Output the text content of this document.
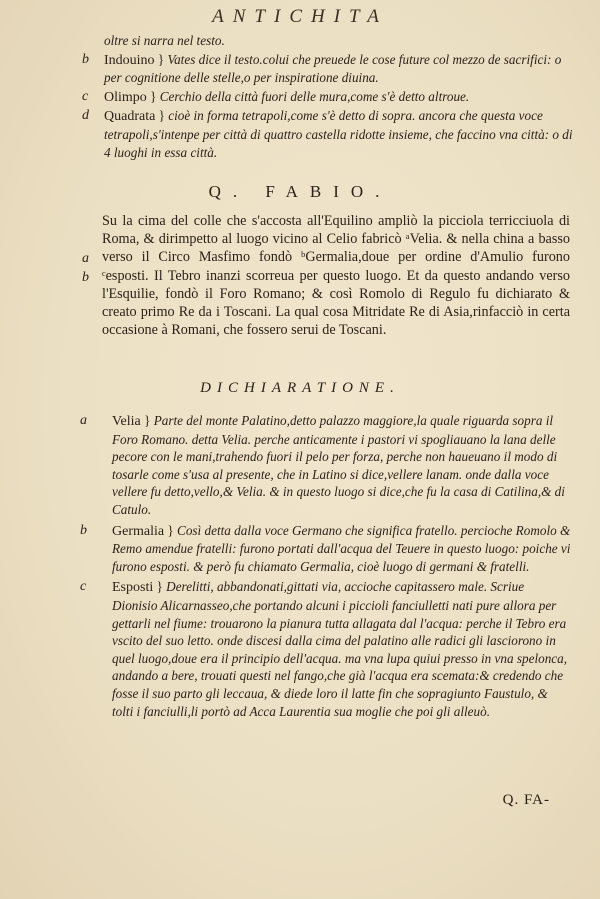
ANTICHITA

oltre si narra nel testo.

b Indouino } Vates dice il testo.colui che preuede le cose future col mezzo de sacrifici: o per cognitione delle stelle,o per inspiratione diuina.

c Olimpo } Cerchio della città fuori delle mura,come s'è detto altroue.

d Quadrata } cioè in forma tetrapoli,come s'è detto di sopra. ancora che questa voce tetrapoli,s'intenpe per città di quattro castella ridotte insieme, che faccino vna città: o di 4 luoghi in essa città.

Q. FABIO.

Su la cima del colle che s'accosta all'Equilino ampliò la picciola terricciuola di Roma, & dirimpetto al luogo vicino al Celio fabricò ᵃVelia. & nella china a basso verso il Circo Masfimo fondò ᵇGermalia,doue per ordine d'Amulio furono ᶜesposti. Il Tebro inanzi scorreua per questo luogo. Et da questo andando verso l'Esquilie, fondò il Foro Romano; & così Romolo di Regulo fu dichiarato & creato primo Re da i Toscani. La qual cosa Mitridate Re di Asia,rinfacciò in certa occasione à Romani, che fossero serui de Toscani.

a
b
DICHIARATIONE.

a Velia } Parte del monte Palatino,detto palazzo maggiore,la quale riguarda sopra il Foro Romano. detta Velia. perche anticamente i pastori vi spogliauano la lana delle pecore con le mani,trahendo fuori il pelo per forza, perche non haueuano il modo di tosarle come s'usa al presente, che in Latino si dice,vellere lanam. onde dalla voce vellere fu detto,vello,& Velia. & in questo luogo si dice,che fu la casa di Catilina,& di Catulo.

b Germalia } Così detta dalla voce Germano che significa fratello. percioche Romolo & Remo amendue fratelli: furono portati dall'acqua del Teuere in questo luogo: poiche vi furono esposti. & però fu chiamato Germalia, cioè luogo di germani & fratelli.

c Esposti } Derelitti, abbandonati,gittati via, accioche capitassero male. Scriue Dionisio Alicarnasseo,che portando alcuni i piccioli fanciulletti nati pure allora per gettarli nel fiume: trouarono la pianura tutta allagata dal l'acqua: perche il Tebro era vscito del suo letto. onde discesi dalla cima del palatino alle radici gli lasciorono in quel luogo,doue era il principio dell'acqua. ma vna lupa quiui presso in vna spelonca, andando a bere, trouati questi nel fango,che già l'acqua era scemata:& credendo che fosse il suo parto gli leccaua, & diede loro il latte fin che sopragiunto Faustulo, & tolti i fanciulli,li portò ad Acca Laurentia sua moglie che poi gli alleuò.

Q. FA-
